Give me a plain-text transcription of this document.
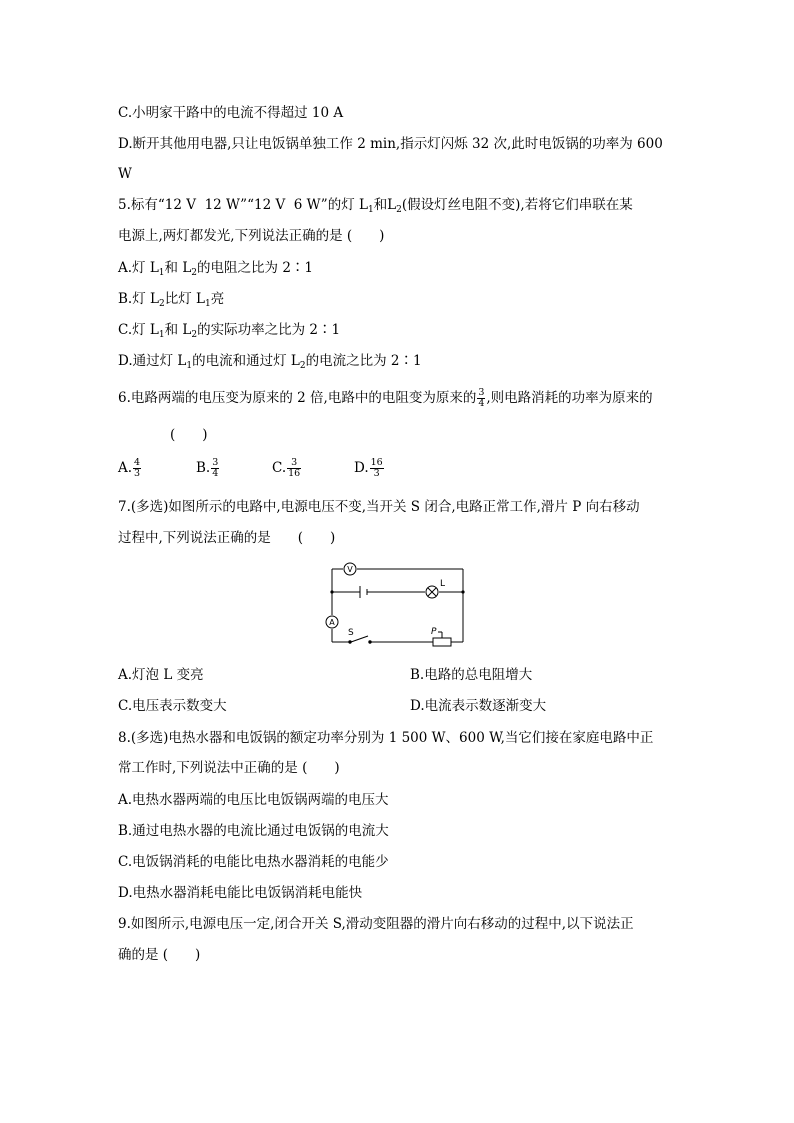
C.小明家干路中的电流不得超过 10 A
D.断开其他用电器,只让电饭锅单独工作 2 min,指示灯闪烁 32 次,此时电饭锅的功率为 600
W
5.标有“12 V  12 W”“12 V  6 W”的灯 $L_1$和$L_2$(假设灯丝电阻不变),若将它们串联在某
电源上,两灯都发光,下列说法正确的是 (　　)
A.灯 $L_1$和 $L_2$的电阻之比为 2∶1
B.灯 $L_2$比灯 $L_1$亮
C.灯 $L_1$和 $L_2$的实际功率之比为 2∶1
D.通过灯 $L_1$的电流和通过灯 $L_2$的电流之比为 2∶1
6.电路两端的电压变为原来的 2 倍,电路中的电阻变为原来的 $\frac{3}{4}$ ,则电路消耗的功率为原来的
(　　)
A. $\frac{4}{3}$	B. $\frac{3}{4}$	C. $\frac{3}{16}$	D. $\frac{16}{3}$
7.(多选)如图所示的电路中,电源电压不变,当开关 S 闭合,电路正常工作,滑片 P 向右移动
过程中,下列说法正确的是　　(　　)
V
A
L
S	P
A.灯泡 L 变亮	B.电路的总电阻增大
C.电压表示数变大	D.电流表示数逐渐变大
8.(多选)电热水器和电饭锅的额定功率分别为 1 500 W、600 W,当它们接在家庭电路中正
常工作时,下列说法中正确的是 (　　)
A.电热水器两端的电压比电饭锅两端的电压大
B.通过电热水器的电流比通过电饭锅的电流大
C.电饭锅消耗的电能比电热水器消耗的电能少
D.电热水器消耗电能比电饭锅消耗电能快
9.如图所示,电源电压一定,闭合开关 S,滑动变阻器的滑片向右移动的过程中,以下说法正
确的是 (　　)
